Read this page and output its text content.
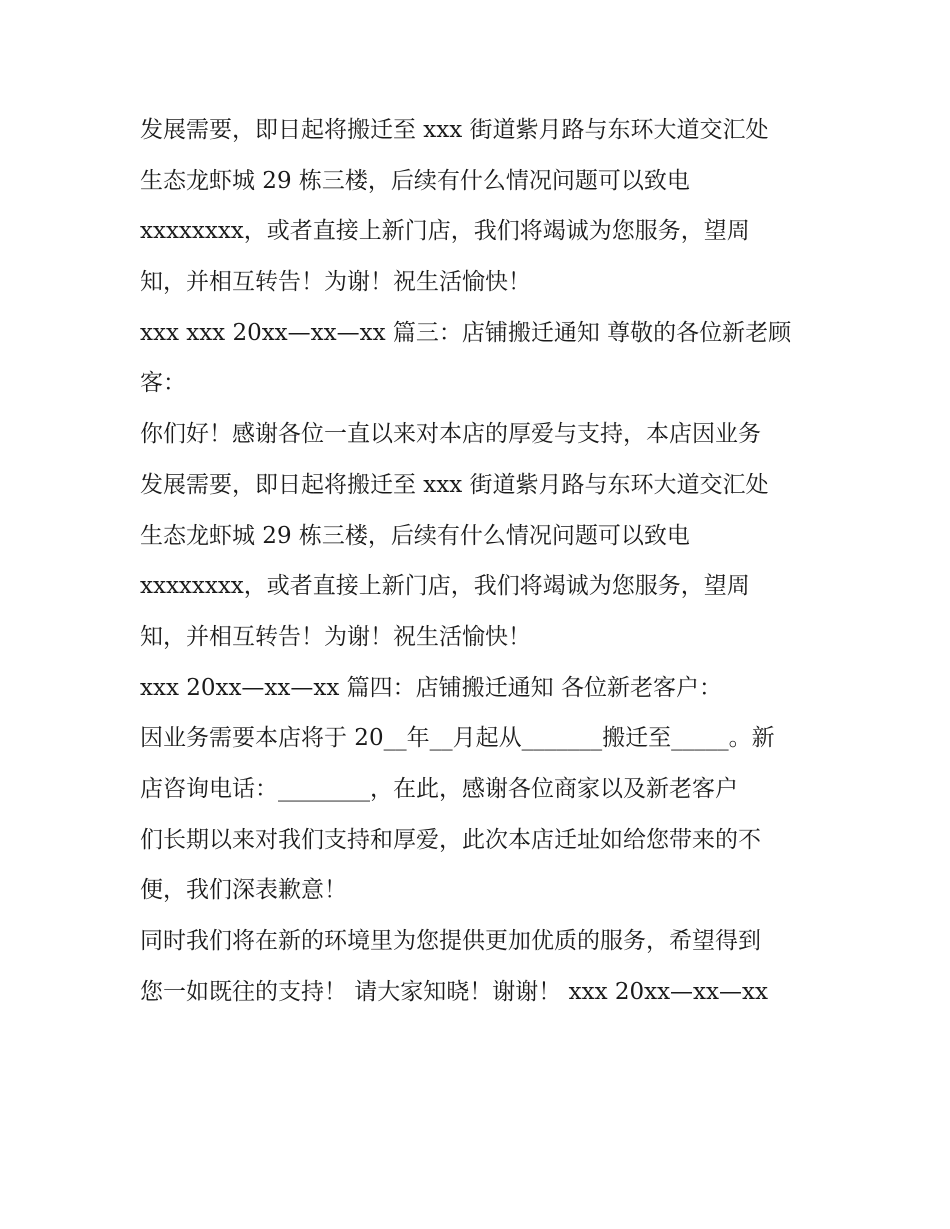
发展需要，即日起将搬迁至 xxx 街道紫月路与东环大道交汇处
生态龙虾城 29 栋三楼，后续有什么情况问题可以致电
xxxxxxxx，或者直接上新门店，我们将竭诚为您服务，望周
知，并相互转告！为谢！祝生活愉快！
xxx xxx 20xx—xx—xx 篇三：店铺搬迁通知 尊敬的各位新老顾
客：
你们好！感谢各位一直以来对本店的厚爱与支持，本店因业务
发展需要，即日起将搬迁至 xxx 街道紫月路与东环大道交汇处
生态龙虾城 29 栋三楼，后续有什么情况问题可以致电
xxxxxxxx，或者直接上新门店，我们将竭诚为您服务，望周
知，并相互转告！为谢！祝生活愉快！
xxx 20xx—xx—xx 篇四：店铺搬迁通知 各位新老客户：
因业务需要本店将于 20__年__月起从_______搬迁至_____。新
店咨询电话：________，在此，感谢各位商家以及新老客户
们长期以来对我们支持和厚爱，此次本店迁址如给您带来的不
便，我们深表歉意！
同时我们将在新的环境里为您提供更加优质的服务，希望得到
您一如既往的支持！ 请大家知晓！谢谢！ xxx 20xx—xx—xx
